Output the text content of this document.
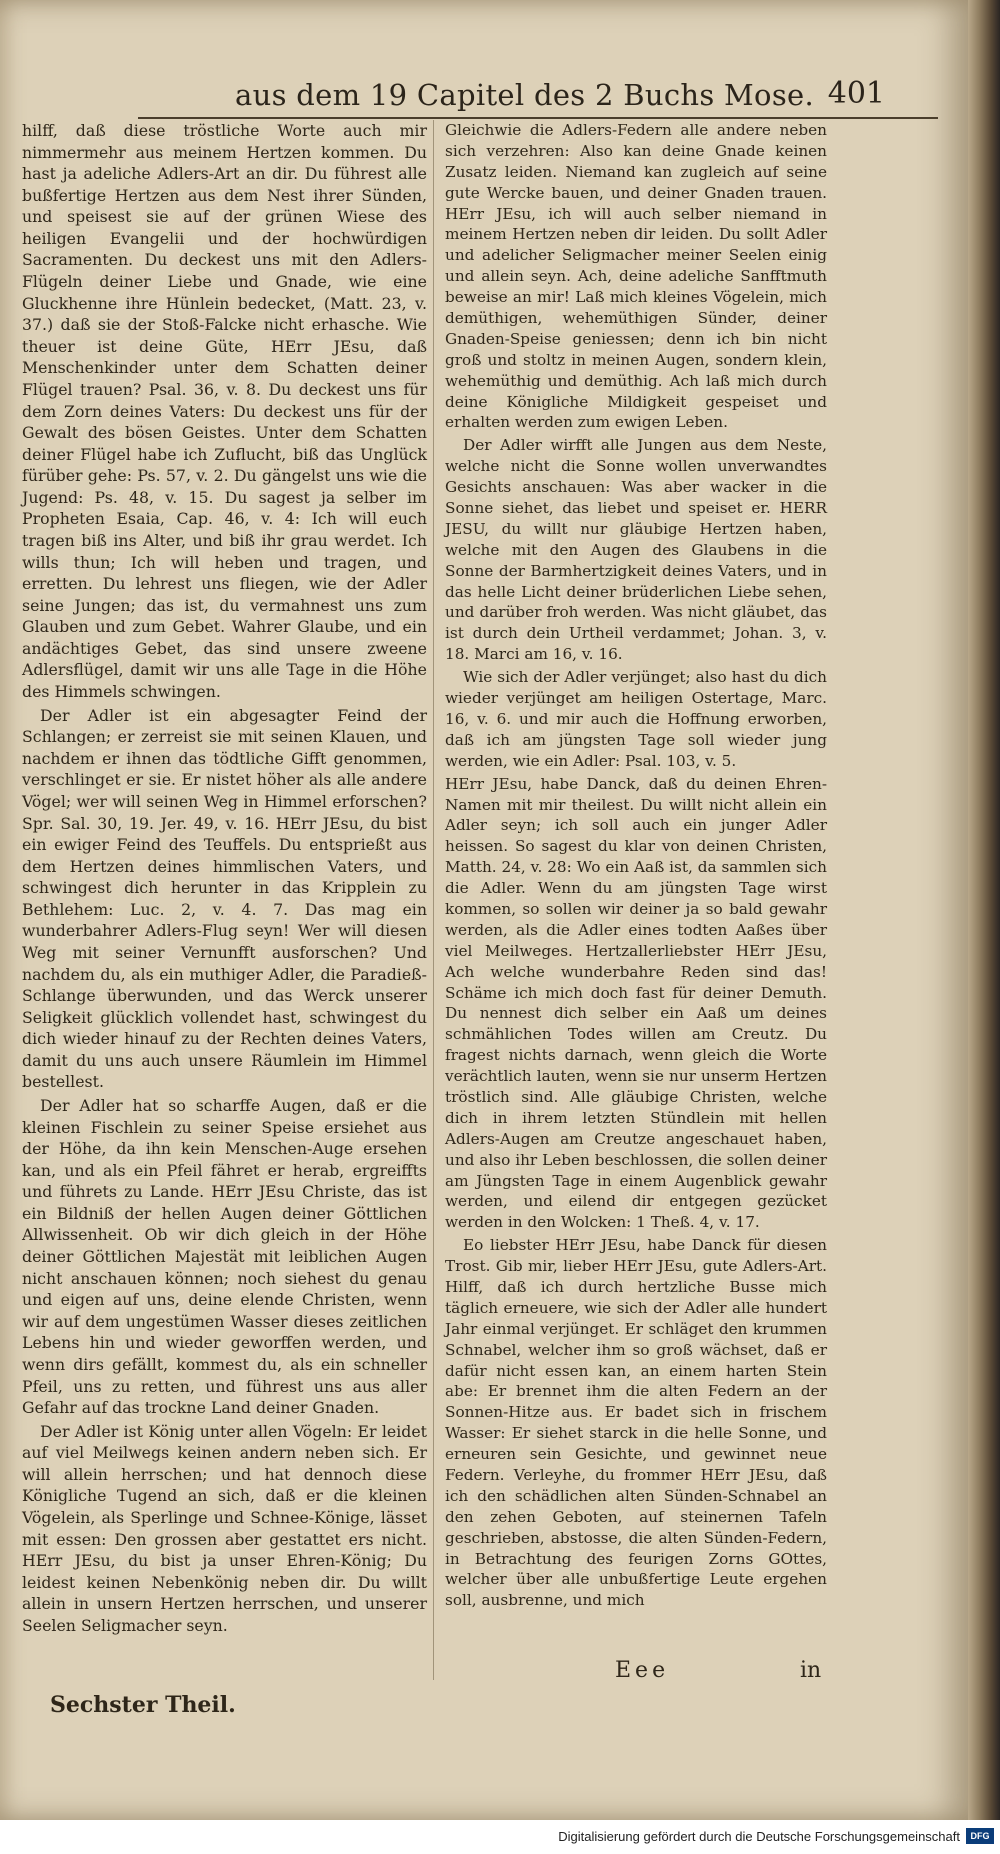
aus dem 19 Capitel des 2 Buchs Mose. 401

hilff, daß diese tröstliche Worte auch mir nimmermehr aus meinem Hertzen kommen. Du hast ja adeliche Adlers-Art an dir. Du führest alle bußfertige Hertzen aus dem Nest ihrer Sünden, und speisest sie auf der grünen Wiese des heiligen Evangelii und der hochwürdigen Sacramenten. Du deckest uns mit den Adlers-Flügeln deiner Liebe und Gnade, wie eine Gluckhenne ihre Hünlein bedecket, (Matt. 23, v. 37.) daß sie der Stoß-Falcke nicht erhasche. Wie theuer ist deine Güte, HErr JEsu, daß Menschenkinder unter dem Schatten deiner Flügel trauen? Psal. 36, v. 8. Du deckest uns für dem Zorn deines Vaters: Du deckest uns für der Gewalt des bösen Geistes. Unter dem Schatten deiner Flügel habe ich Zuflucht, biß das Unglück fürüber gehe: Ps. 57, v. 2. Du gängelst uns wie die Jugend: Ps. 48, v. 15. Du sagest ja selber im Propheten Esaia, Cap. 46, v. 4: Ich will euch tragen biß ins Alter, und biß ihr grau werdet. Ich wills thun; Ich will heben und tragen, und erretten. Du lehrest uns fliegen, wie der Adler seine Jungen; das ist, du vermahnest uns zum Glauben und zum Gebet. Wahrer Glaube, und ein andächtiges Gebet, das sind unsere zweene Adlersflügel, damit wir uns alle Tage in die Höhe des Himmels schwingen.

Der Adler ist ein abgesagter Feind der Schlangen; er zerreist sie mit seinen Klauen, und nachdem er ihnen das tödtliche Gifft genommen, verschlinget er sie. Er nistet höher als alle andere Vögel; wer will seinen Weg in Himmel erforschen? Spr. Sal. 30, 19. Jer. 49, v. 16. HErr JEsu, du bist ein ewiger Feind des Teuffels. Du entsprießt aus dem Hertzen deines himmlischen Vaters, und schwingest dich herunter in das Kripplein zu Bethlehem: Luc. 2, v. 4. 7. Das mag ein wunderbahrer Adlers-Flug seyn! Wer will diesen Weg mit seiner Vernunfft ausforschen? Und nachdem du, als ein muthiger Adler, die Paradieß-Schlange überwunden, und das Werck unserer Seligkeit glücklich vollendet hast, schwingest du dich wieder hinauf zu der Rechten deines Vaters, damit du uns auch unsere Räumlein im Himmel bestellest.

Der Adler hat so scharffe Augen, daß er die kleinen Fischlein zu seiner Speise ersiehet aus der Höhe, da ihn kein Menschen-Auge ersehen kan, und als ein Pfeil fähret er herab, ergreiffts und führets zu Lande. HErr JEsu Christe, das ist ein Bildniß der hellen Augen deiner Göttlichen Allwissenheit. Ob wir dich gleich in der Höhe deiner Göttlichen Majestät mit leiblichen Augen nicht anschauen können; noch siehest du genau und eigen auf uns, deine elende Christen, wenn wir auf dem ungestümen Wasser dieses zeitlichen Lebens hin und wieder geworffen werden, und wenn dirs gefällt, kommest du, als ein schneller Pfeil, uns zu retten, und führest uns aus aller Gefahr auf das trockne Land deiner Gnaden.

Der Adler ist König unter allen Vögeln: Er leidet auf viel Meilwegs keinen andern neben sich. Er will allein herrschen; und hat dennoch diese Königliche Tugend an sich, daß er die kleinen Vögelein, als Sperlinge und Schnee-Könige, lässet mit essen: Den grossen aber gestattet ers nicht. HErr JEsu, du bist ja unser Ehren-König; Du leidest keinen Nebenkönig neben dir. Du willt allein in unsern Hertzen herrschen, und unserer Seelen Seligmacher seyn.

Gleichwie die Adlers-Federn alle andere neben sich verzehren: Also kan deine Gnade keinen Zusatz leiden. Niemand kan zugleich auf seine gute Wercke bauen, und deiner Gnaden trauen. HErr JEsu, ich will auch selber niemand in meinem Hertzen neben dir leiden. Du sollt Adler und adelicher Seligmacher meiner Seelen einig und allein seyn. Ach, deine adeliche Sanfftmuth beweise an mir! Laß mich kleines Vögelein, mich demüthigen, wehemüthigen Sünder, deiner Gnaden-Speise geniessen; denn ich bin nicht groß und stoltz in meinen Augen, sondern klein, wehemüthig und demüthig. Ach laß mich durch deine Königliche Mildigkeit gespeiset und erhalten werden zum ewigen Leben.

Der Adler wirfft alle Jungen aus dem Neste, welche nicht die Sonne wollen unverwandtes Gesichts anschauen: Was aber wacker in die Sonne siehet, das liebet und speiset er. HERR JESU, du willt nur gläubige Hertzen haben, welche mit den Augen des Glaubens in die Sonne der Barmhertzigkeit deines Vaters, und in das helle Licht deiner brüderlichen Liebe sehen, und darüber froh werden. Was nicht gläubet, das ist durch dein Urtheil verdammet; Johan. 3, v. 18. Marci am 16, v. 16.

Wie sich der Adler verjünget; also hast du dich wieder verjünget am heiligen Ostertage, Marc. 16, v. 6. und mir auch die Hoffnung erworben, daß ich am jüngsten Tage soll wieder jung werden, wie ein Adler: Psal. 103, v. 5.

HErr JEsu, habe Danck, daß du deinen Ehren-Namen mit mir theilest. Du willt nicht allein ein Adler seyn; ich soll auch ein junger Adler heissen. So sagest du klar von deinen Christen, Matth. 24, v. 28: Wo ein Aaß ist, da sammlen sich die Adler. Wenn du am jüngsten Tage wirst kommen, so sollen wir deiner ja so bald gewahr werden, als die Adler eines todten Aaßes über viel Meilweges. Hertzallerliebster HErr JEsu, Ach welche wunderbahre Reden sind das! Schäme ich mich doch fast für deiner Demuth. Du nennest dich selber ein Aaß um deines schmählichen Todes willen am Creutz. Du fragest nichts darnach, wenn gleich die Worte verächtlich lauten, wenn sie nur unserm Hertzen tröstlich sind. Alle gläubige Christen, welche dich in ihrem letzten Stündlein mit hellen Adlers-Augen am Creutze angeschauet haben, und also ihr Leben beschlossen, die sollen deiner am Jüngsten Tage in einem Augenblick gewahr werden, und eilend dir entgegen gezücket werden in den Wolcken: 1 Theß. 4, v. 17.

Eo liebster HErr JEsu, habe Danck für diesen Trost. Gib mir, lieber HErr JEsu, gute Adlers-Art. Hilff, daß ich durch hertzliche Busse mich täglich erneuere, wie sich der Adler alle hundert Jahr einmal verjünget. Er schläget den krummen Schnabel, welcher ihm so groß wächset, daß er dafür nicht essen kan, an einem harten Stein abe: Er brennet ihm die alten Federn an der Sonnen-Hitze aus. Er badet sich in frischem Wasser: Er siehet starck in die helle Sonne, und erneuren sein Gesichte, und gewinnet neue Federn. Verleyhe, du frommer HErr JEsu, daß ich den schädlichen alten Sünden-Schnabel an den zehen Geboten, auf steinernen Tafeln geschrieben, abstosse, die alten Sünden-Federn, in Betrachtung des feurigen Zorns GOttes, welcher über alle unbußfertige Leute ergehen soll, ausbrenne, und mich

Sechster Theil.
Eee	in
Digitalisierung gefördert durch die Deutsche Forschungsgemeinschaft	DFG
